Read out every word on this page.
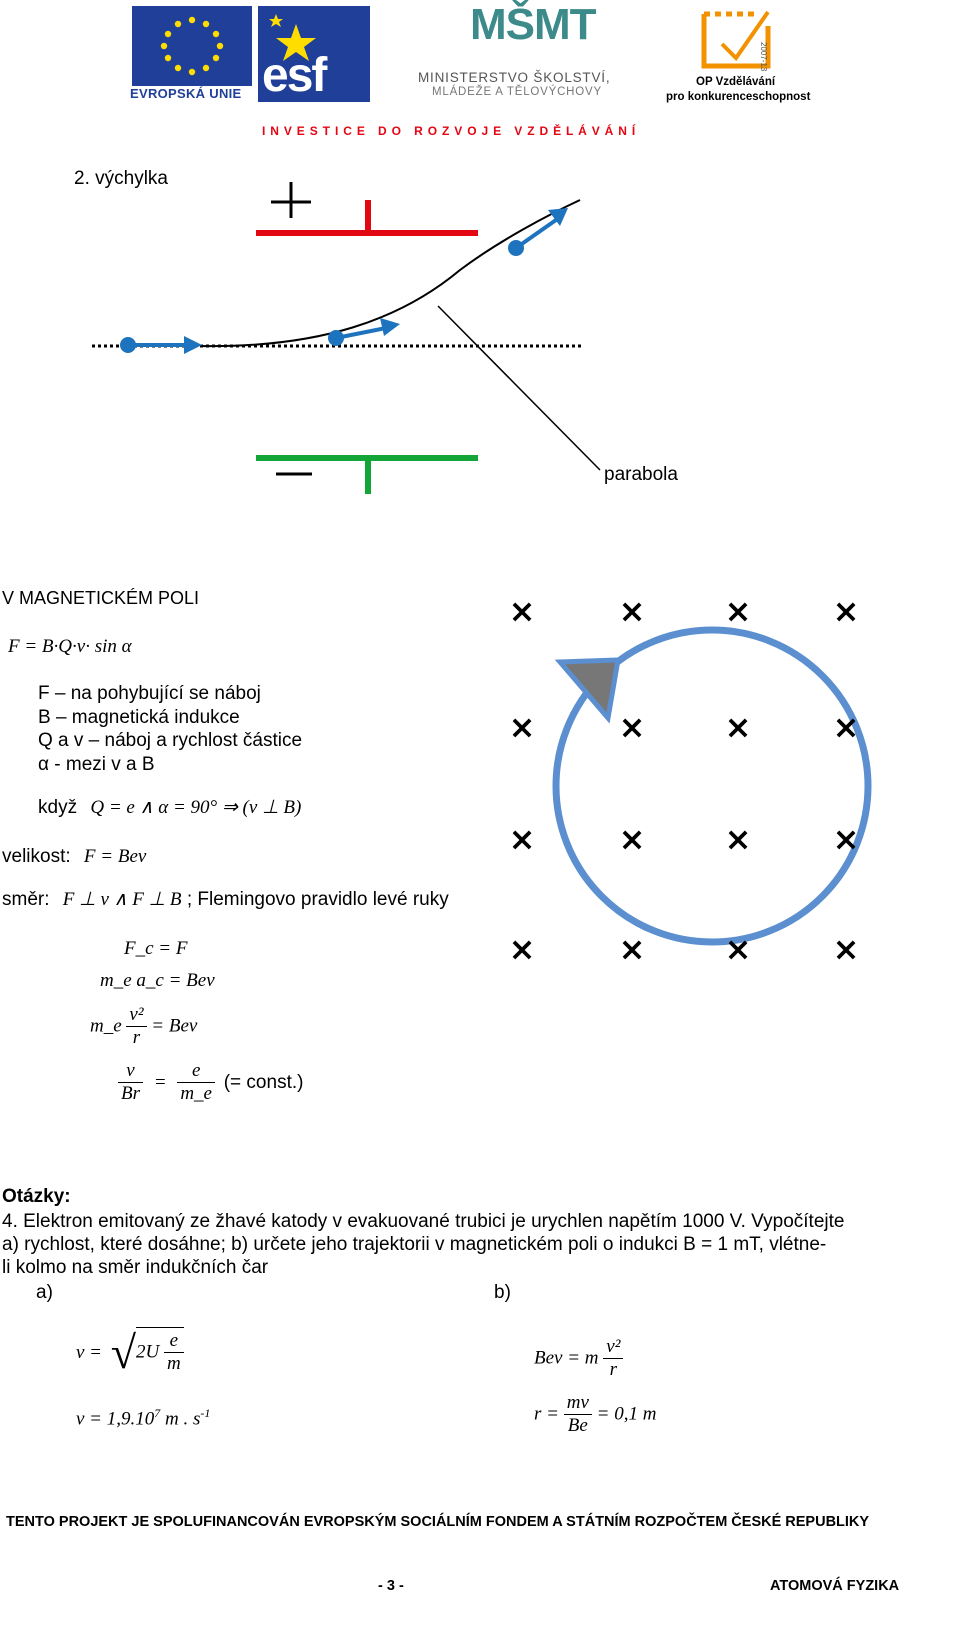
EVROPSKÁ UNIE esf
MŠMT
MINISTERSTVO ŠKOLSTVÍ,
MLÁDEŽE A TĚLOVÝCHOVY
2007-13
OP Vzdělávání
pro konkurenceschopnost
I N V E S T I C E   D O   R O Z V O J E   V Z D Ě L Á V Á N Í
2. výchylka
parabola
V MAGNETICKÉM POLI
F = B·Q·v· sin α
F – na pohybující se náboj
B – magnetická indukce
Q a v – náboj a rychlost částice
α - mezi v a B
když Q = e ∧ α = 90° ⇒ (v ⊥ B)
velikost: F = Bev
směr: F ⊥ v ∧ F ⊥ B ; Flemingovo pravidlo levé ruky
F_c = F
m_e a_c = Bev
m_e $\frac{\text{v²}}{r}$ = Bev
$\frac{v}{Br} = \frac{e}{m\_e}$ (= const.)
×	× ×	×
×	× ×	×
×	× ×	×
×	× ×	×
Otázky:
4. Elektron emitovaný ze žhavé katody v evakuované trubici je urychlen napětím 1000 V. Vypočítejte
a) rychlost, které dosáhne; b) určete jeho trajektorii v magnetickém poli o indukci B = 1 mT, vlétne-
li kolmo na směr indukčních čar
a)	b)
$v = √2U \frac{e}{m}$
$v = 1,9.10^7$ m . $s^{-1}$
Bev = m $\frac{\text{v²}}{r}$
$r = \frac{mv}{Be} = 0,1$ m
TENTO PROJEKT JE SPOLUFINANCOVÁN EVROPSKÝM SOCIÁLNÍM FONDEM A STÁTNÍM ROZPOČTEM ČESKÉ REPUBLIKY
- 3 -	ATOMOVÁ FYZIKA
